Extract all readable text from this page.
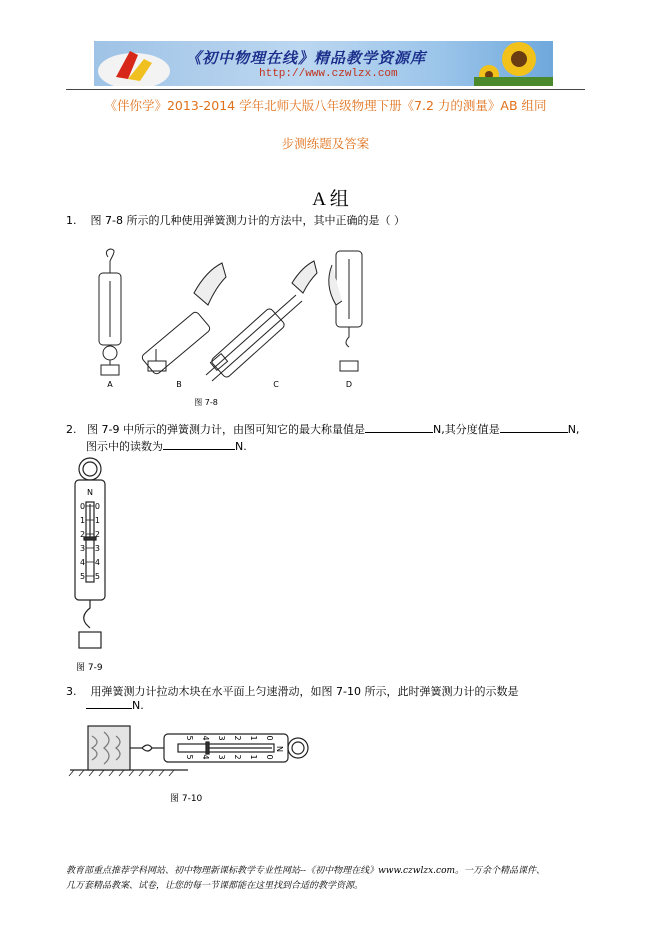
《初中物理在线》精品教学资源库
http://www.czwlzx.com
《伴你学》2013-2014 学年北师大版八年级物理下册《7.2 力的测量》AB 组同
步测练题及答案
A 组
1. 图 7-8 所示的几种使用弹簧测力计的方法中，其中正确的是（ ）
A	B	C	D
图 7-8
2. 图 7-9 中所示的弹簧测力计，由图可知它的最大称量值是	N,其分度值是	N,
图示中的读数为	N.
0 0
1 1
2 2
3 3
4 4
5 5
N
图 7-9
3. 用弹簧测力计拉动木块在水平面上匀速滑动，如图 7-10 所示，此时弹簧测力计的示数是
N.
0
0
1
1
2
2
3
3
4
4
5
5
N
图 7-10
教育部重点推荐学科网站、初中物理新课标教学专业性网站--《初中物理在线》www.czwlzx.com。一万余个精品课件、
几万套精品教案、试卷，让您的每一节课都能在这里找到合适的教学资源。
